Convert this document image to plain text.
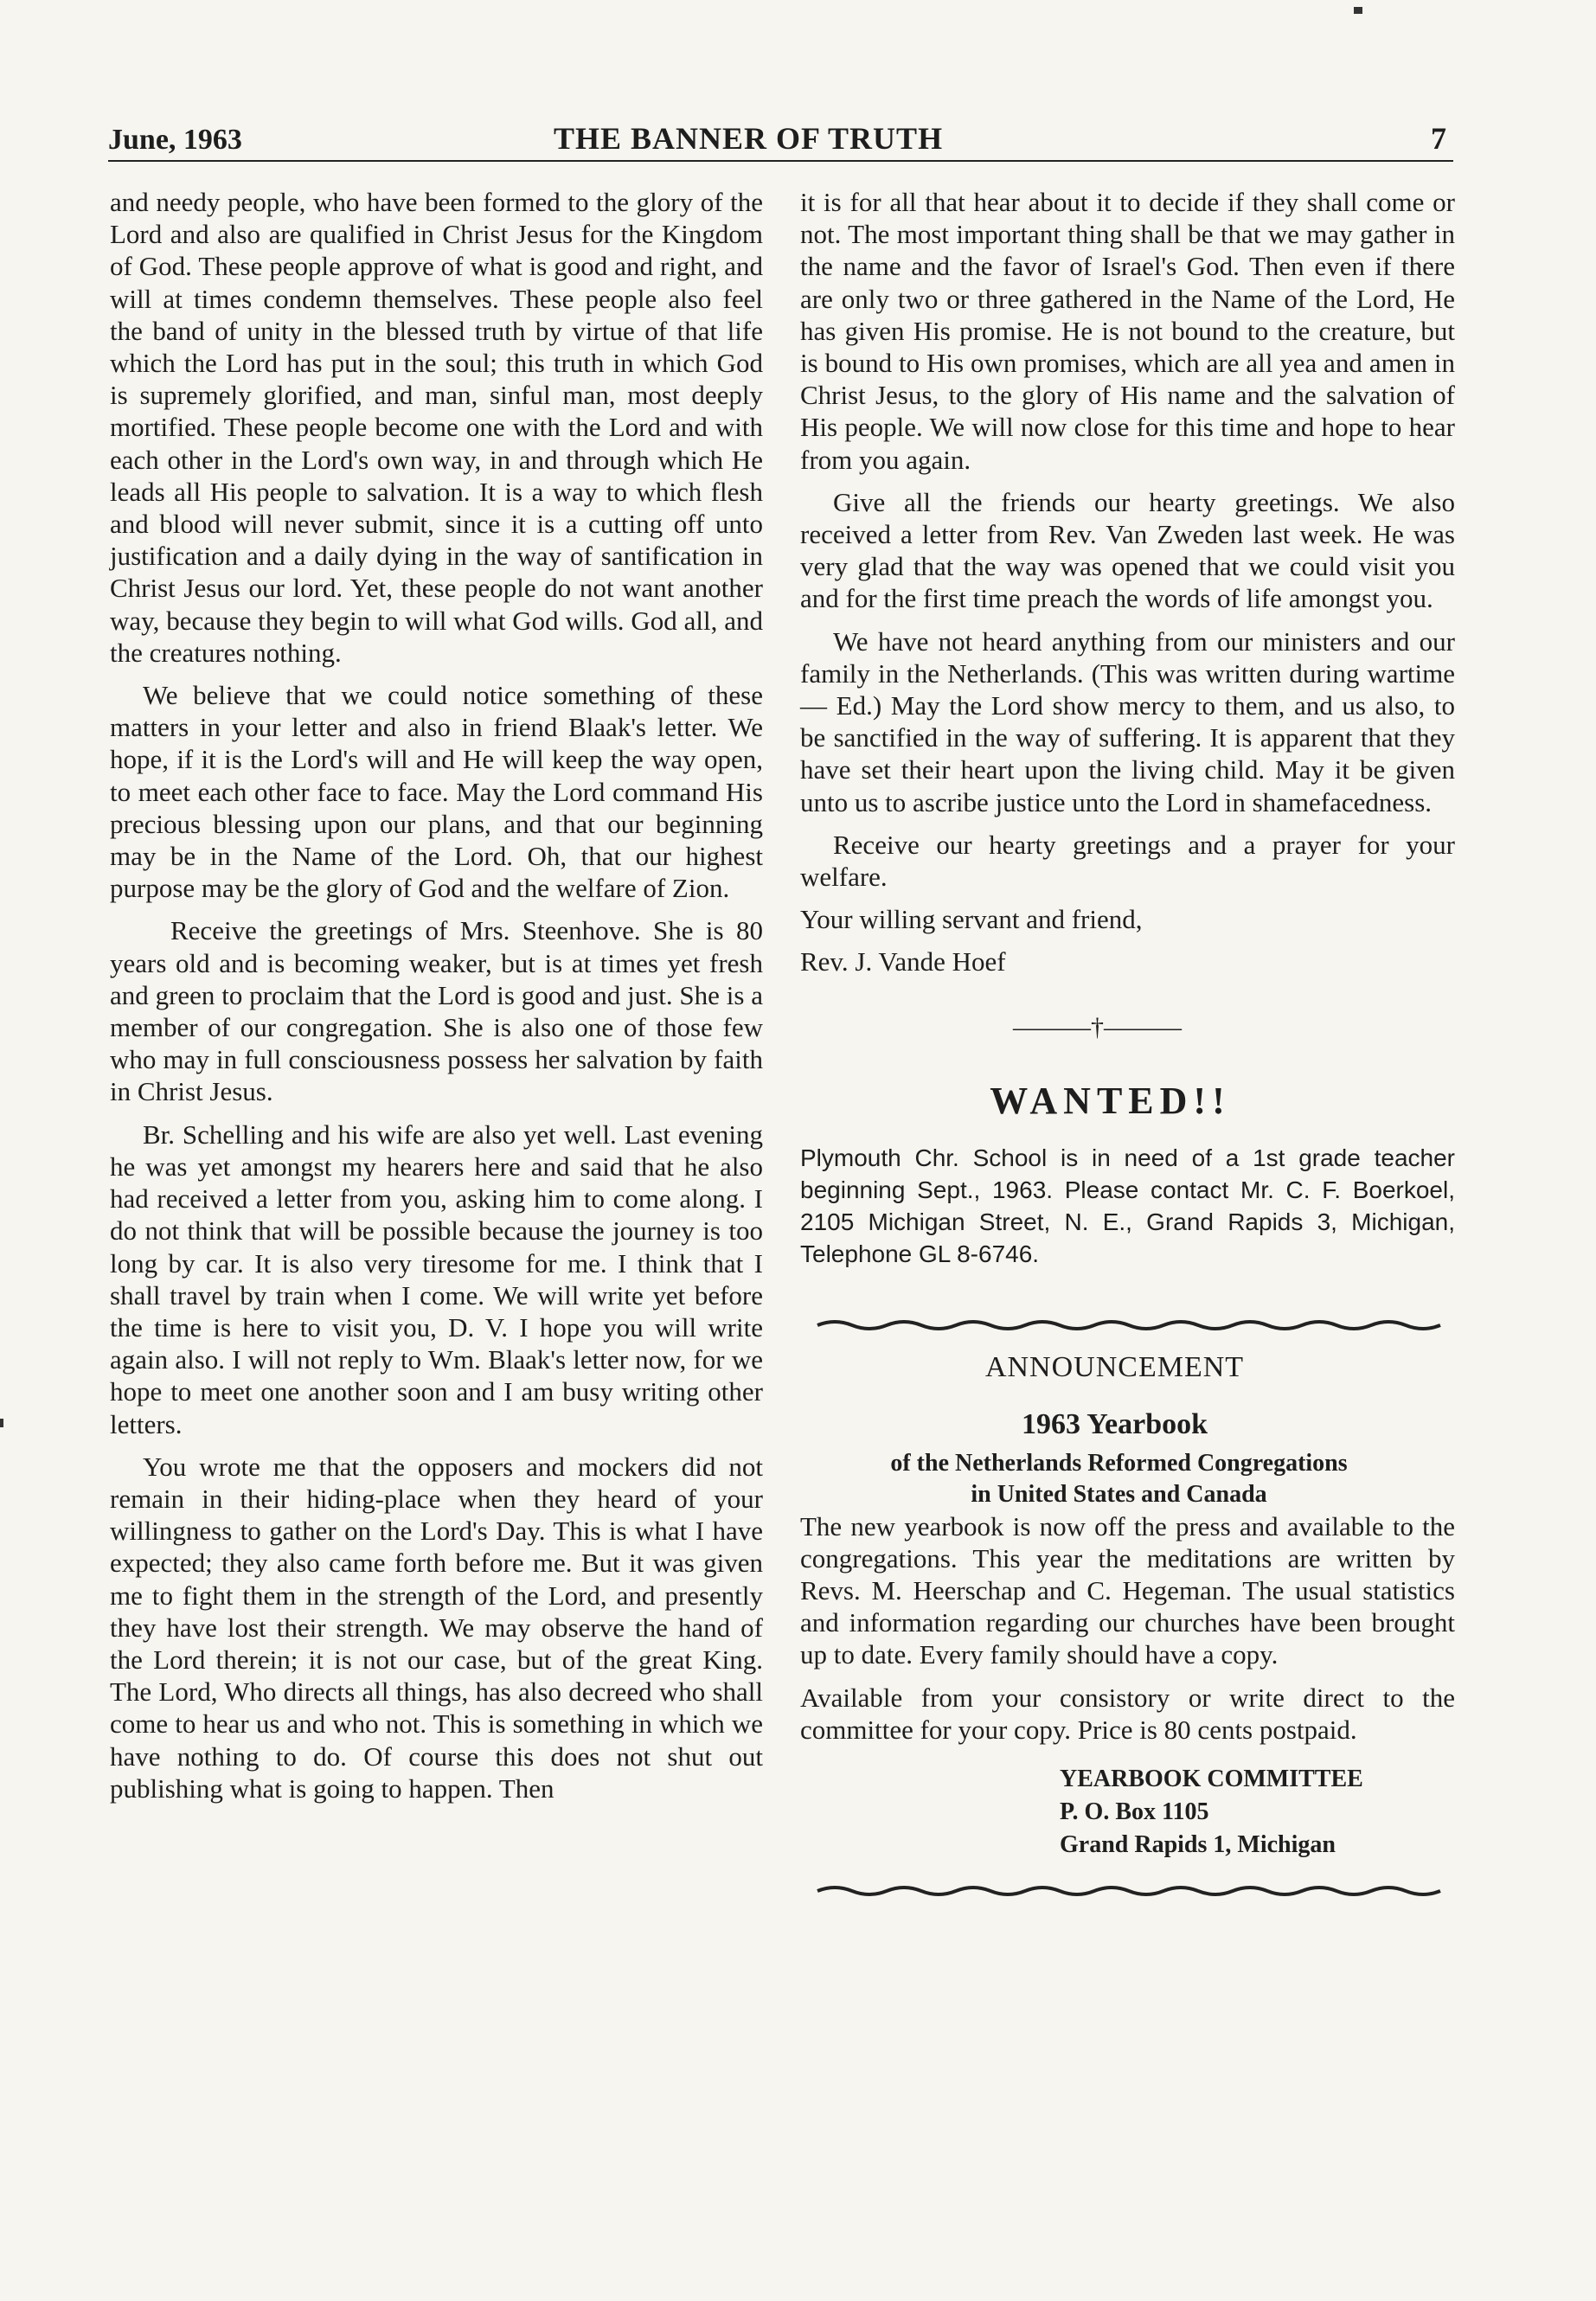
June, 1963	THE BANNER OF TRUTH	7

and needy people, who have been formed to the glory of the Lord and also are qualified in Christ Jesus for the Kingdom of God. These people approve of what is good and right, and will at times condemn themselves. These people also feel the band of unity in the blessed truth by virtue of that life which the Lord has put in the soul; this truth in which God is supremely glorified, and man, sinful man, most deeply mortified. These people become one with the Lord and with each other in the Lord's own way, in and through which He leads all His people to salvation. It is a way to which flesh and blood will never submit, since it is a cutting off unto justification and a daily dying in the way of santification in Christ Jesus our lord. Yet, these people do not want another way, because they begin to will what God wills. God all, and the creatures nothing.

We believe that we could notice something of these matters in your letter and also in friend Blaak's letter. We hope, if it is the Lord's will and He will keep the way open, to meet each other face to face. May the Lord command His precious blessing upon our plans, and that our beginning may be in the Name of the Lord. Oh, that our highest purpose may be the glory of God and the welfare of Zion.

Receive the greetings of Mrs. Steenhove. She is 80 years old and is becoming weaker, but is at times yet fresh and green to proclaim that the Lord is good and just. She is a member of our congregation. She is also one of those few who may in full consciousness possess her salvation by faith in Christ Jesus.

Br. Schelling and his wife are also yet well. Last evening he was yet amongst my hearers here and said that he also had received a letter from you, asking him to come along. I do not think that will be possible because the journey is too long by car. It is also very tiresome for me. I think that I shall travel by train when I come. We will write yet before the time is here to visit you, D. V. I hope you will write again also. I will not reply to Wm. Blaak's letter now, for we hope to meet one another soon and I am busy writing other letters.

You wrote me that the opposers and mockers did not remain in their hiding-place when they heard of your willingness to gather on the Lord's Day. This is what I have expected; they also came forth before me. But it was given me to fight them in the strength of the Lord, and presently they have lost their strength. We may observe the hand of the Lord therein; it is not our case, but of the great King. The Lord, Who directs all things, has also decreed who shall come to hear us and who not. This is something in which we have nothing to do. Of course this does not shut out publishing what is going to happen. Then

it is for all that hear about it to decide if they shall come or not. The most important thing shall be that we may gather in the name and the favor of Israel's God. Then even if there are only two or three gathered in the Name of the Lord, He has given His promise. He is not bound to the creature, but is bound to His own promises, which are all yea and amen in Christ Jesus, to the glory of His name and the salvation of His people. We will now close for this time and hope to hear from you again.

Give all the friends our hearty greetings. We also received a letter from Rev. Van Zweden last week. He was very glad that the way was opened that we could visit you and for the first time preach the words of life amongst you.

We have not heard anything from our ministers and our family in the Netherlands. (This was written during wartime — Ed.) May the Lord show mercy to them, and us also, to be sanctified in the way of suffering. It is apparent that they have set their heart upon the living child. May it be given unto us to ascribe justice unto the Lord in shamefacedness.

Receive our hearty greetings and a prayer for your welfare.

Your willing servant and friend,

Rev. J. Vande Hoef

———†———
WANTED!!
Plymouth Chr. School is in need of a 1st grade teacher beginning Sept., 1963. Please contact Mr. C. F. Boerkoel, 2105 Michigan Street, N. E., Grand Rapids 3, Michigan, Telephone GL 8-6746.
ANNOUNCEMENT
1963 Yearbook
of the Netherlands Reformed Congregations
in United States and Canada

The new yearbook is now off the press and available to the congregations. This year the meditations are written by Revs. M. Heerschap and C. Hegeman. The usual statistics and information regarding our churches have been brought up to date. Every family should have a copy.

Available from your consistory or write direct to the committee for your copy. Price is 80 cents postpaid.

YEARBOOK COMMITTEE
P. O. Box 1105
Grand Rapids 1, Michigan
